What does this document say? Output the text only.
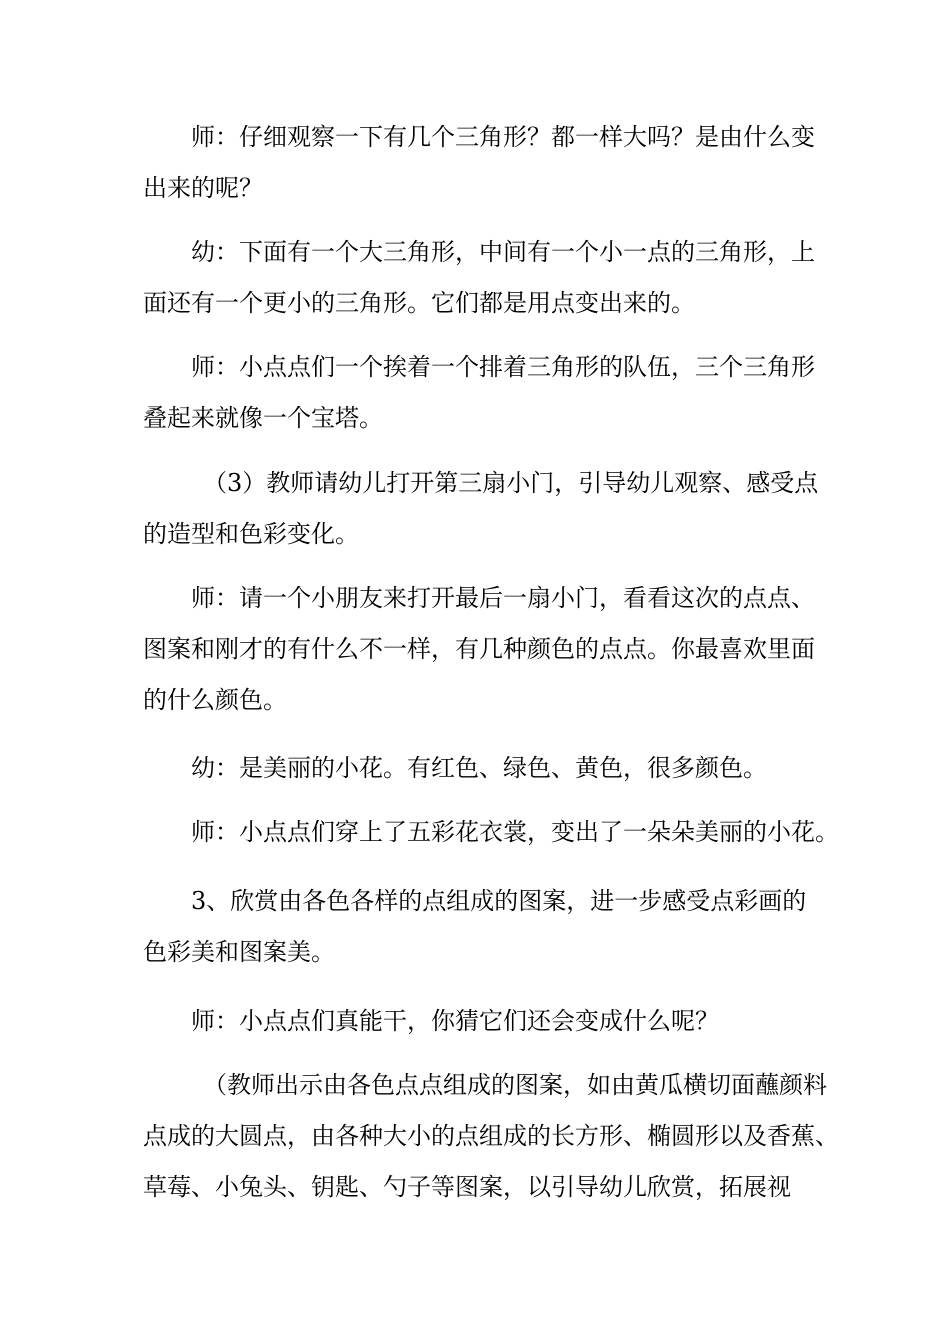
师：仔细观察一下有几个三角形？都一样大吗？是由什么变
出来的呢？

幼：下面有一个大三角形，中间有一个小一点的三角形，上
面还有一个更小的三角形。它们都是用点变出来的。

师：小点点们一个挨着一个排着三角形的队伍，三个三角形
叠起来就像一个宝塔。

（3）教师请幼儿打开第三扇小门，引导幼儿观察、感受点
的造型和色彩变化。

师：请一个小朋友来打开最后一扇小门，看看这次的点点、
图案和刚才的有什么不一样，有几种颜色的点点。你最喜欢里面
的什么颜色。

幼：是美丽的小花。有红色、绿色、黄色，很多颜色。

师：小点点们穿上了五彩花衣裳，变出了一朵朵美丽的小花。

3、欣赏由各色各样的点组成的图案，进一步感受点彩画的
色彩美和图案美。

师：小点点们真能干，你猜它们还会变成什么呢？

（教师出示由各色点点组成的图案，如由黄瓜横切面蘸颜料
点成的大圆点，由各种大小的点组成的长方形、椭圆形以及香蕉、
草莓、小兔头、钥匙、勺子等图案，以引导幼儿欣赏，拓展视
